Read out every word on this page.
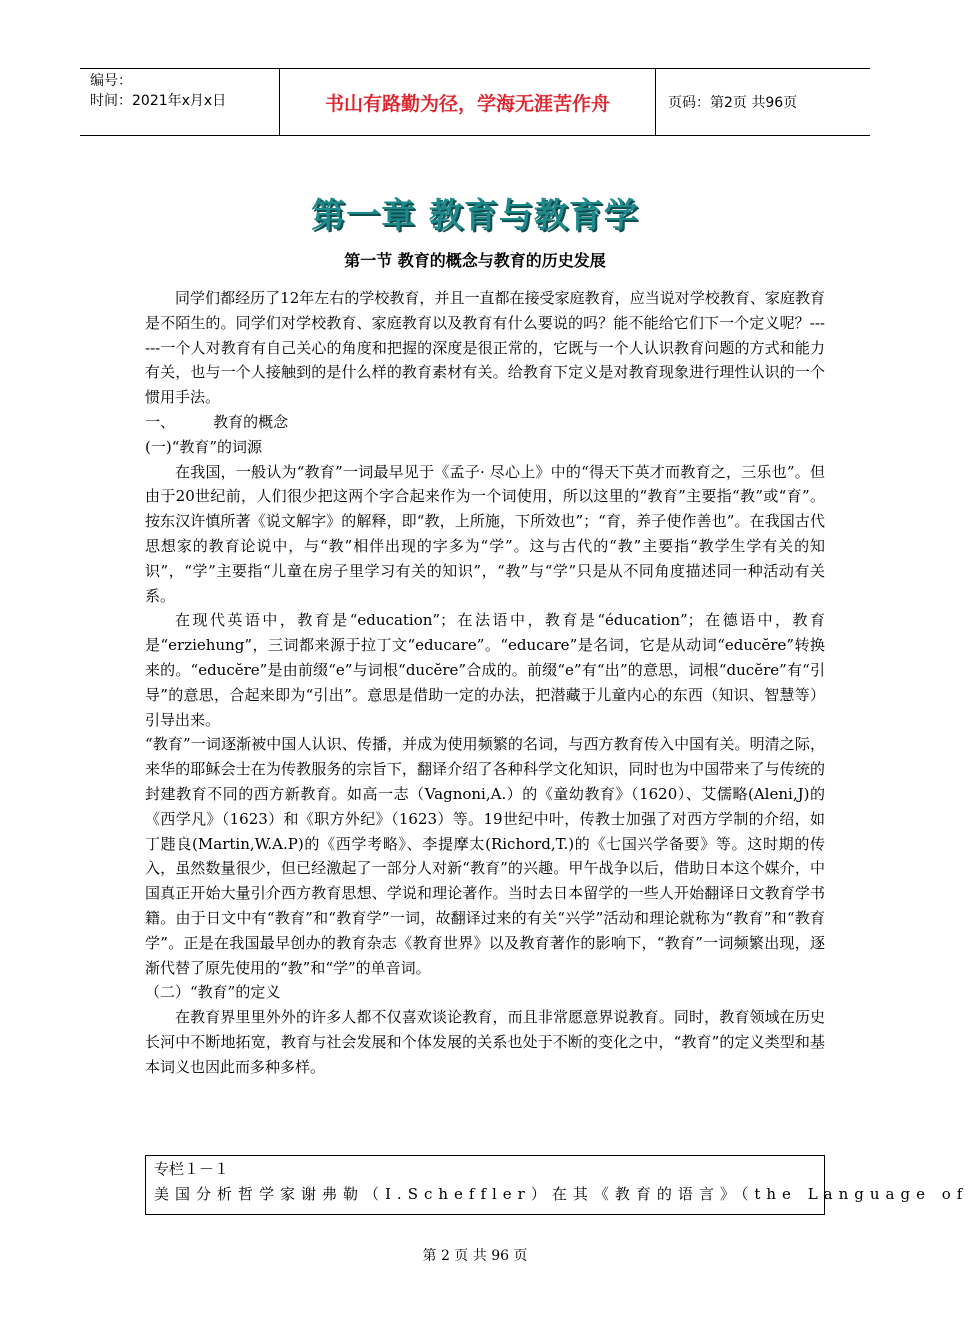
编号：
时间：2021年x月x日	书山有路勤为径，学海无涯苦作舟	页码：第2页 共96页
第一章 教育与教育学
第一节 教育的概念与教育的历史发展

同学们都经历了12年左右的学校教育，并且一直都在接受家庭教育，应当说对学校教育、家庭教育是不陌生的。同学们对学校教育、家庭教育以及教育有什么要说的吗？能不能给它们下一个定义呢？------一个人对教育有自己关心的角度和把握的深度是很正常的，它既与一个人认识教育问题的方式和能力有关，也与一个人接触到的是什么样的教育素材有关。给教育下定义是对教育现象进行理性认识的一个惯用手法。

一、        教育的概念

(一)“教育”的词源

在我国，一般认为“教育”一词最早见于《孟子· 尽心上》中的“得天下英才而教育之，三乐也”。但由于20世纪前，人们很少把这两个字合起来作为一个词使用，所以这里的“教育”主要指“教”或“育”。按东汉许慎所著《说文解字》的解释，即“教，上所施，下所效也”；“育，养子使作善也”。在我国古代思想家的教育论说中，与“教”相伴出现的字多为“学”。这与古代的“教”主要指“教学生学有关的知识”，“学”主要指“儿童在房子里学习有关的知识”，“教”与“学”只是从不同角度描述同一种活动有关系。

在现代英语中，教育是“education”；在法语中，教育是“éducation”；在德语中，教育是“erziehung”，三词都来源于拉丁文“educare”。“educare”是名词，它是从动词“educĕre”转换来的。“educĕre”是由前缀“e”与词根“ducĕre”合成的。前缀“e”有“出”的意思，词根“ducĕre”有“引导”的意思，合起来即为“引出”。意思是借助一定的办法，把潜藏于儿童内心的东西（知识、智慧等）引导出来。

“教育”一词逐渐被中国人认识、传播，并成为使用频繁的名词，与西方教育传入中国有关。明清之际，来华的耶稣会士在为传教服务的宗旨下，翻译介绍了各种科学文化知识，同时也为中国带来了与传统的封建教育不同的西方新教育。如高一志（Vagnoni,A.）的《童幼教育》（1620）、艾儒略(Aleni,J)的《西学凡》（1623）和《职方外纪》（1623）等。19世纪中叶，传教士加强了对西方学制的介绍，如丁韪良(Martin,W.A.P)的《西学考略》、李提摩太(Richord,T.)的《七国兴学备要》等。这时期的传入，虽然数量很少，但已经激起了一部分人对新“教育”的兴趣。甲午战争以后，借助日本这个媒介，中国真正开始大量引介西方教育思想、学说和理论著作。当时去日本留学的一些人开始翻译日文教育学书籍。由于日文中有“教育”和“教育学”一词，故翻译过来的有关“兴学”活动和理论就称为“教育”和“教育学”。正是在我国最早创办的教育杂志《教育世界》以及教育著作的影响下，“教育”一词频繁出现，逐渐代替了原先使用的“教”和“学”的单音词。

（二）“教育”的定义

在教育界里里外外的许多人都不仅喜欢谈论教育，而且非常愿意界说教育。同时，教育领域在历史长河中不断地拓宽，教育与社会发展和个体发展的关系也处于不断的变化之中，“教育”的定义类型和基本词义也因此而多种多样。

专栏１－１
美国分析哲学家谢弗勒（I.Scheffler）在其《教育的语言》（the Language of
第 2 页 共 96 页
